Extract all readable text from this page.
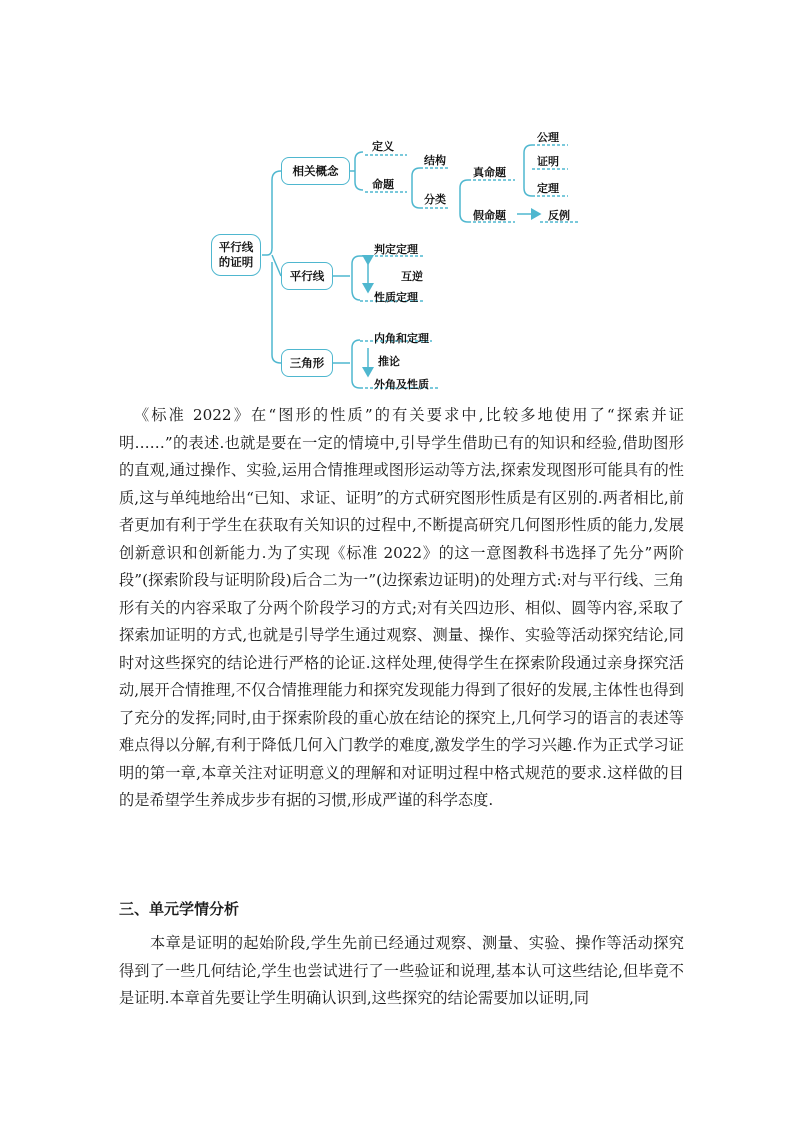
平行线
的证明
相关概念
平行线
三角形
定义
命题
结构
分类
真命题
假命题
公理
证明
定理
反例
判定定理
互逆
性质定理
内角和定理
推论
外角及性质

《标准 2022》在“图形的性质”的有关要求中,比较多地使用了“探索并证明……”的表述.也就是要在一定的情境中,引导学生借助已有的知识和经验,借助图形的直观,通过操作、实验,运用合情推理或图形运动等方法,探索发现图形可能具有的性质,这与单纯地给出“已知、求证、证明”的方式研究图形性质是有区别的.两者相比,前者更加有利于学生在获取有关知识的过程中,不断提高研究几何图形性质的能力,发展创新意识和创新能力.为了实现《标准 2022》的这一意图教科书选择了先分”两阶段”(探索阶段与证明阶段)后合二为一”(边探索边证明)的处理方式:对与平行线、三角形有关的内容采取了分两个阶段学习的方式;对有关四边形、相似、圆等内容,采取了探索加证明的方式,也就是引导学生通过观察、测量、操作、实验等活动探究结论,同时对这些探究的结论进行严格的论证.这样处理,使得学生在探索阶段通过亲身探究活动,展开合情推理,不仅合情推理能力和探究发现能力得到了很好的发展,主体性也得到了充分的发挥;同时,由于探索阶段的重心放在结论的探究上,几何学习的语言的表述等难点得以分解,有利于降低几何入门教学的难度,激发学生的学习兴趣.作为正式学习证明的第一章,本章关注对证明意义的理解和对证明过程中格式规范的要求.这样做的目的是希望学生养成步步有据的习惯,形成严谨的科学态度.

三、单元学情分析

本章是证明的起始阶段,学生先前已经通过观察、测量、实验、操作等活动探究得到了一些几何结论,学生也尝试进行了一些验证和说理,基本认可这些结论,但毕竟不是证明.本章首先要让学生明确认识到,这些探究的结论需要加以证明,同
